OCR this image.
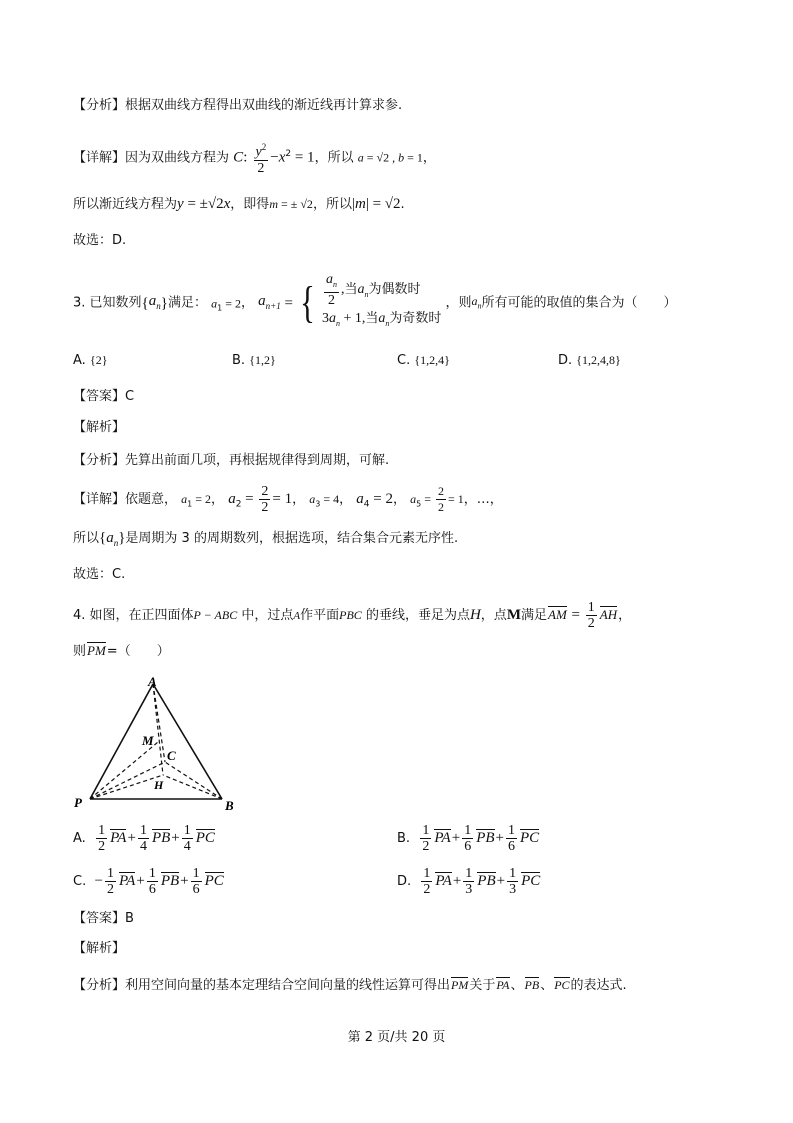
【分析】根据双曲线方程得出双曲线的渐近线再计算求参.
【详解】因为双曲线方程为 C: $\frac{y^2}{2} -x^2 = 1$，所以 a = √2 , b = 1，
所以渐近线方程为y = ±√2x，即得m = ± √2，所以|m| = √2.
故选：D.
3. 已知数列$\{a_n\}$满足： $a_1 = 2$， $a_{n+1}$ = { $\frac{a_n}{2}$ ,当$a_n$为偶数时
$3a_n + 1$,当$a_n$为奇数时
，则$a_n$所有可能的取值的集合为（　　）
A. {2}	B. {1,2}	C. {1,2,4}	D. {1,2,4,8}
【答案】C
【解析】
【分析】先算出前面几项，再根据规律得到周期，可解.
【详解】依题意， $a_1 = 2$， $a_2 = \frac{2}{2} = 1$， $a_3 = 4$， $a_4 = 2$， $a_5 = \frac{2}{2} = 1$，…，
所以$\{a_n\}$是周期为 3 的周期数列，根据选项，结合集合元素无序性.
故选：C.
4. 如图，在正四面体P − ABC 中，过点A作平面PBC 的垂线，垂足为点H，点M满足AM = $\frac{1}{2}$ AH，
则PM=（　　）
A
M
C
H
P	B
A. $\frac{1}{2} PA+ \frac{1}{4} PB+ \frac{1}{4}$ PC	B. $\frac{1}{2} PA+ \frac{1}{6} PB+ \frac{1}{6}$ PC
C. − $\frac{1}{2} PA+ \frac{1}{6} PB+ \frac{1}{6}$ PC	D. $\frac{1}{2} PA+ \frac{1}{3} PB+ \frac{1}{3}$ PC
【答案】B
【解析】
【分析】利用空间向量的基本定理结合空间向量的线性运算可得出PM关于PA、PB、PC的表达式.
第 2 页/共 20 页
